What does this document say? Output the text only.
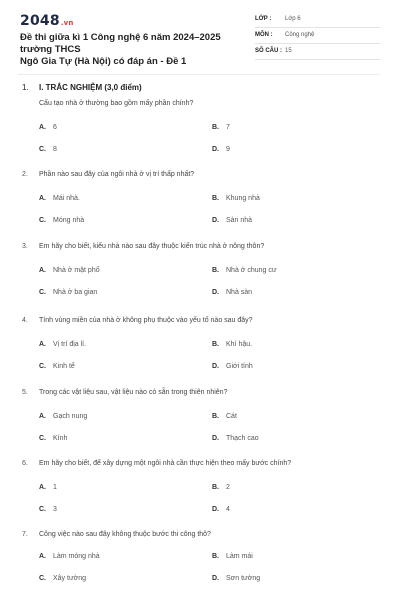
2048.vn
Đề thi giữa kì 1 Công nghệ 6 năm 2024–2025 trường THCS
Ngô Gia Tự (Hà Nội) có đáp án - Đề 1
LỚP : Lớp 6
MÔN : Công nghệ
SỐ CÂU : 15
1. I. TRẮC NGHIỆM (3,0 điểm)
Cấu tạo nhà ở thường bao gồm mấy phần chính?
A. 6	B. 7
C. 8	D. 9
2. Phần nào sau đây của ngôi nhà ở vị trí thấp nhất?
A. Mái nhà.	B. Khung nhà
C. Móng nhà	D. Sàn nhà
3. Em hãy cho biết, kiểu nhà nào sau đây thuộc kiến trúc nhà ở nông thôn?
A. Nhà ở mặt phố	B. Nhà ở chung cư
C. Nhà ở ba gian	D. Nhà sàn
4. Tính vùng miền của nhà ở không phụ thuộc vào yếu tố nào sau đây?
A. Vị trí địa lí.	B. Khí hậu.
C. Kinh tế	D. Giới tính
5. Trong các vật liệu sau, vật liệu nào có sẵn trong thiên nhiên?
A. Gạch nung	B. Cát
C. Kính	D. Thạch cao
6. Em hãy cho biết, để xây dựng một ngôi nhà cần thực hiện theo mấy bước chính?
A. 1	B. 2
C. 3	D. 4
7. Công việc nào sau đây không thuộc bước thi công thô?
A. Làm móng nhà	B. Làm mái
C. Xây tường	D. Sơn tường
